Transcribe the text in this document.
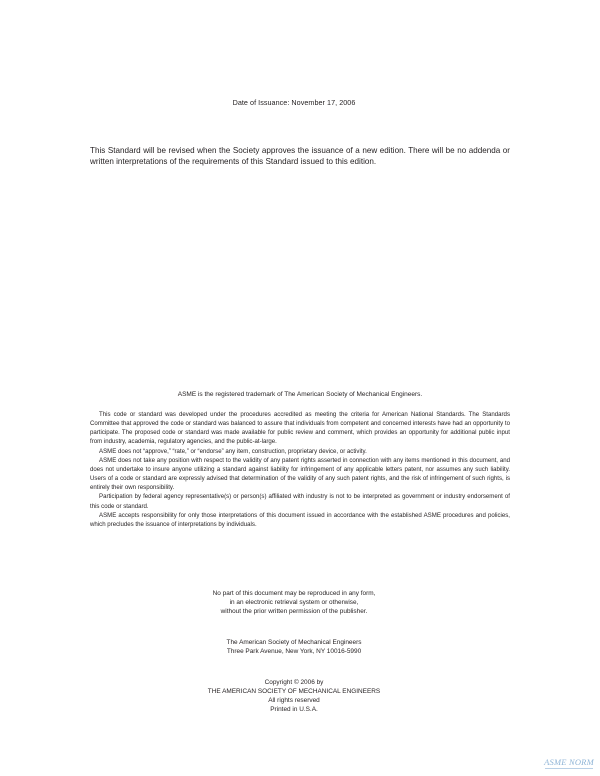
Date of Issuance: November 17, 2006
This Standard will be revised when the Society approves the issuance of a new edition. There will be no addenda or written interpretations of the requirements of this Standard issued to this edition.
ASME is the registered trademark of The American Society of Mechanical Engineers.

This code or standard was developed under the procedures accredited as meeting the criteria for American National Standards. The Standards Committee that approved the code or standard was balanced to assure that individuals from competent and concerned interests have had an opportunity to participate. The proposed code or standard was made available for public review and comment, which provides an opportunity for additional public input from industry, academia, regulatory agencies, and the public-at-large.

ASME does not “approve,” “rate,” or “endorse” any item, construction, proprietary device, or activity.

ASME does not take any position with respect to the validity of any patent rights asserted in connection with any items mentioned in this document, and does not undertake to insure anyone utilizing a standard against liability for infringement of any applicable letters patent, nor assumes any such liability. Users of a code or standard are expressly advised that determination of the validity of any such patent rights, and the risk of infringement of such rights, is entirely their own responsibility.

Participation by federal agency representative(s) or person(s) affiliated with industry is not to be interpreted as government or industry endorsement of this code or standard.

ASME accepts responsibility for only those interpretations of this document issued in accordance with the established ASME procedures and policies, which precludes the issuance of interpretations by individuals.

No part of this document may be reproduced in any form,
in an electronic retrieval system or otherwise,
without the prior written permission of the publisher.
The American Society of Mechanical Engineers
Three Park Avenue, New York, NY 10016-5990
Copyright © 2006 by
THE AMERICAN SOCIETY OF MECHANICAL ENGINEERS
All rights reserved
Printed in U.S.A.
ASME NORM
